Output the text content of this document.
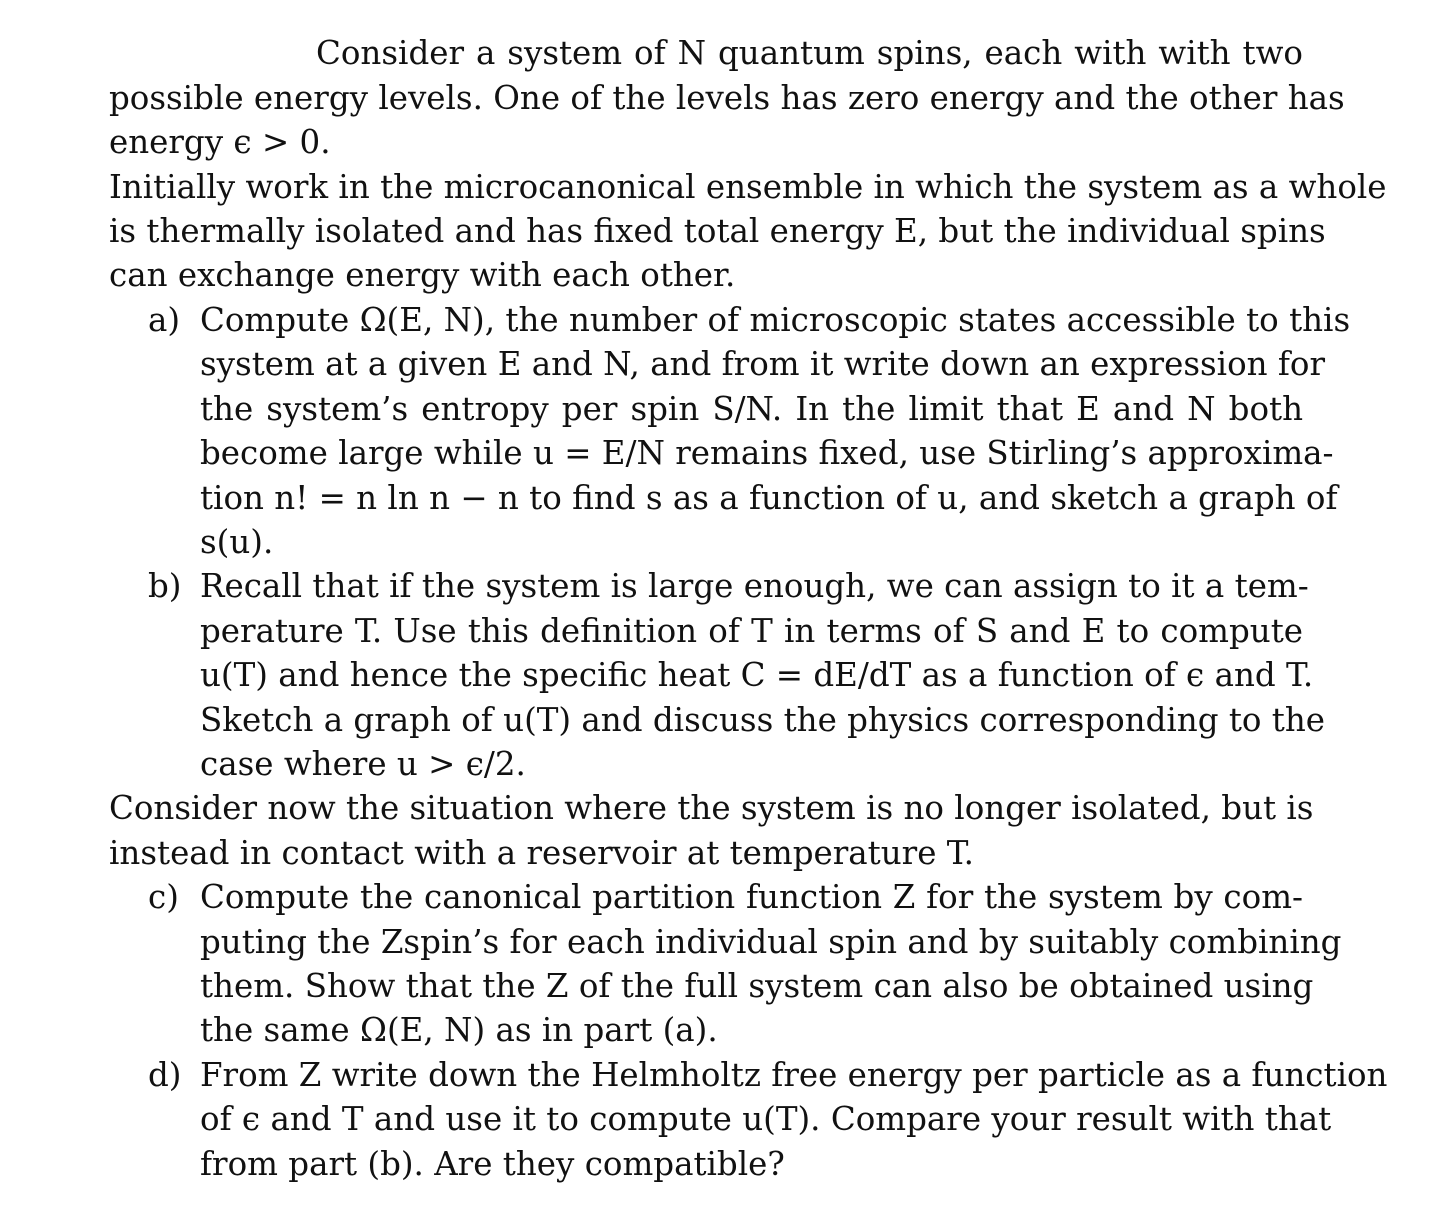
Consider a system of N quantum spins, each with with two
possible energy levels. One of the levels has zero energy and the other has
energy ϵ > 0.
Initially work in the microcanonical ensemble in which the system as a whole
is thermally isolated and has fixed total energy E, but the individual spins
can exchange energy with each other.
a) Compute Ω(E, N), the number of microscopic states accessible to this
system at a given E and N, and from it write down an expression for
the system’s entropy per spin S/N. In the limit that E and N both
become large while u = E/N remains fixed, use Stirling’s approxima-
tion n! = n ln n − n to find s as a function of u, and sketch a graph of
s(u).
b) Recall that if the system is large enough, we can assign to it a tem-
perature T. Use this definition of T in terms of S and E to compute
u(T) and hence the specific heat C = dE/dT as a function of ϵ and T.
Sketch a graph of u(T) and discuss the physics corresponding to the
case where u > ϵ/2.
Consider now the situation where the system is no longer isolated, but is
instead in contact with a reservoir at temperature T.
c) Compute the canonical partition function Z for the system by com-
puting the Zspin’s for each individual spin and by suitably combining
them. Show that the Z of the full system can also be obtained using
the same Ω(E, N) as in part (a).
d) From Z write down the Helmholtz free energy per particle as a function
of ϵ and T and use it to compute u(T). Compare your result with that
from part (b). Are they compatible?
